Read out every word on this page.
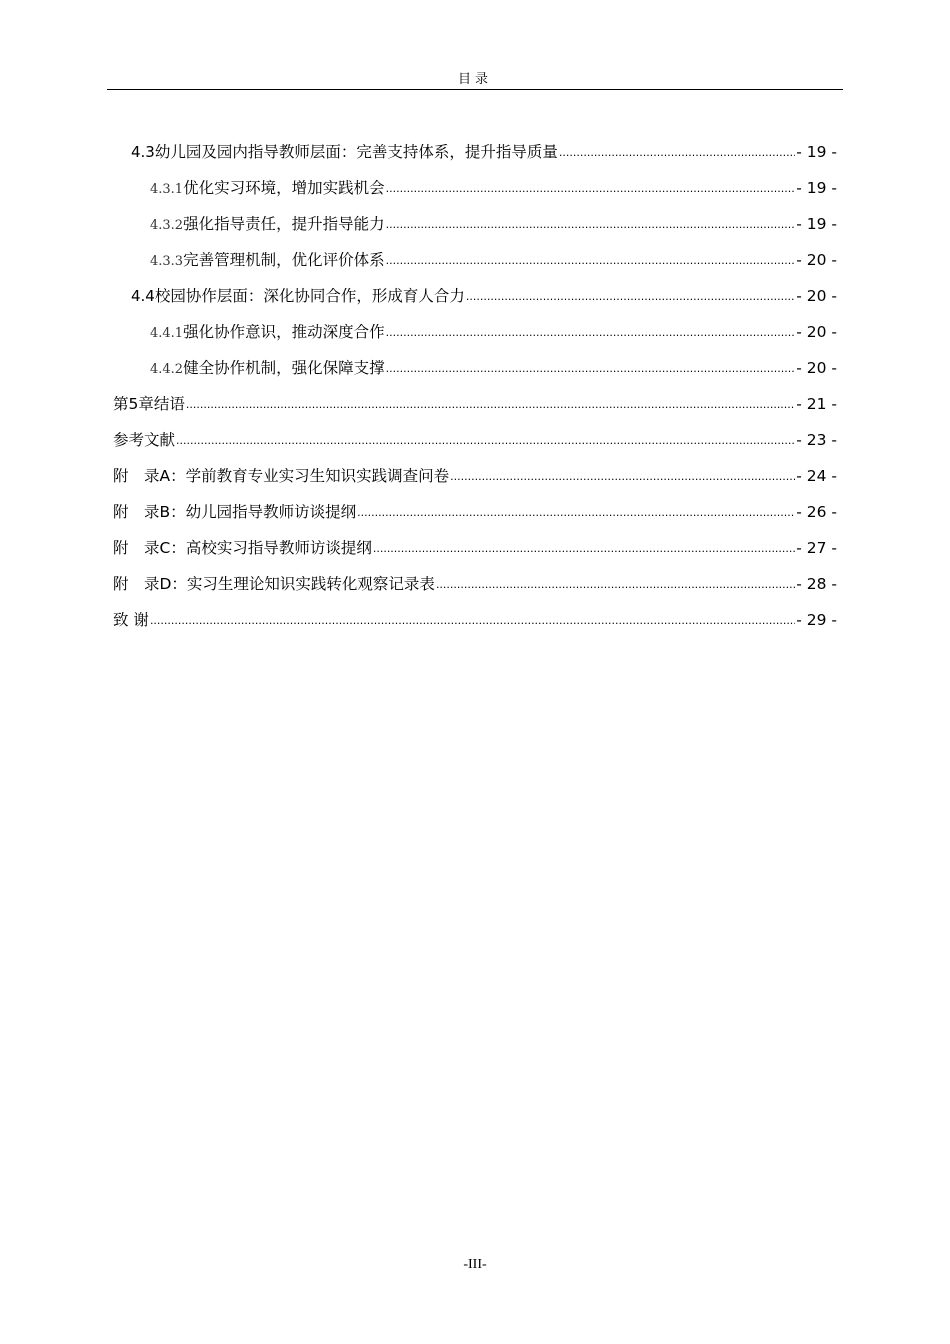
目录
4.3 幼儿园及园内指导教师层面：完善支持体系，提升指导质量 .....	- 19 -
4.3.1 优化实习环境，增加实践机会 .....	- 19 -
4.3.2 强化指导责任，提升指导能力 .....	- 19 -
4.3.3 完善管理机制，优化评价体系 .....	- 20 -
4.4 校园协作层面：深化协同合作，形成育人合力 .....	- 20 -
4.4.1 强化协作意识，推动深度合作 .....	- 20 -
4.4.2 健全协作机制，强化保障支撑 .....	- 20 -
第5章 结语 .....	- 21 -
参考文献 .....	- 23 -
附　录A：学前教育专业实习生知识实践调查问卷 .....	- 24 -
附　录B：幼儿园指导教师访谈提纲 .....	- 26 -
附　录C：高校实习指导教师访谈提纲 .....	- 27 -
附　录D：实习生理论知识实践转化观察记录表 .....	- 28 -
致 谢 .....	- 29 -
-III-
